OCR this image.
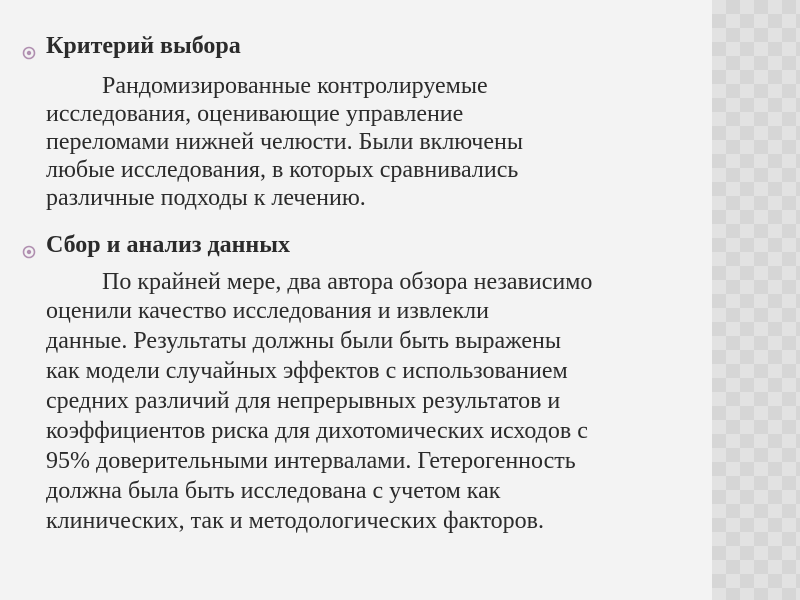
Критерий выбора
Рандомизированные контролируемые
исследования, оценивающие управление
переломами нижней челюсти. Были включены
любые исследования, в которых сравнивались
различные подходы к лечению.
Сбор и анализ данных
По крайней мере, два автора обзора независимо
оценили качество исследования и извлекли
данные. Результаты должны были быть выражены
как модели случайных эффектов с использованием
средних различий для непрерывных результатов и
коэффициентов риска для дихотомических исходов с
95% доверительными интервалами. Гетерогенность
должна была быть исследована с учетом как
клинических, так и методологических факторов.
